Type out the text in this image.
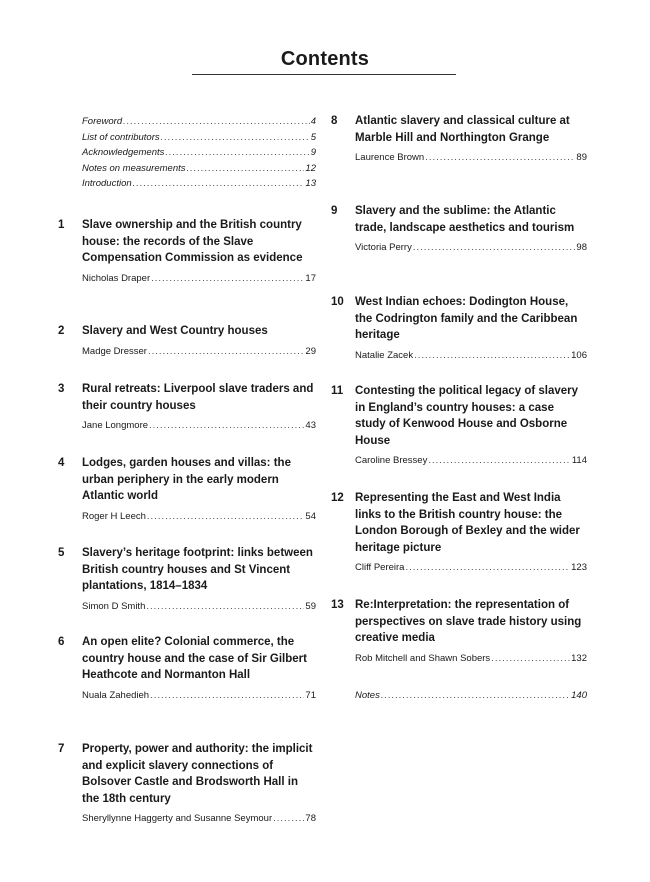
Contents
Foreword .....	4
List of contributors .....	5
Acknowledgements .....	9
Notes on measurements .....	12
Introduction .....	13
1 Slave ownership and the British country house: the records of the Slave Compensation Commission as evidence
Nicholas Draper .....	17
2 Slavery and West Country houses
Madge Dresser .....	29
3 Rural retreats: Liverpool slave traders and their country houses
Jane Longmore .....	43
4 Lodges, garden houses and villas: the urban periphery in the early modern Atlantic world
Roger H Leech .....	54
5 Slavery’s heritage footprint: links between British country houses and St Vincent plantations, 1814–1834
Simon D Smith .....	59
6 An open elite? Colonial commerce, the country house and the case of Sir Gilbert Heathcote and Normanton Hall
Nuala Zahedieh .....	71
7 Property, power and authority: the implicit and explicit slavery connections of Bolsover Castle and Brodsworth Hall in the 18th century
Sheryllynne Haggerty and Susanne Seymour .....	78
8 Atlantic slavery and classical culture at Marble Hill and Northington Grange
Laurence Brown .....	89
9 Slavery and the sublime: the Atlantic trade, landscape aesthetics and tourism
Victoria Perry .....	98
10 West Indian echoes: Dodington House, the Codrington family and the Caribbean heritage
Natalie Zacek .....	106
11 Contesting the political legacy of slavery in England’s country houses: a case study of Kenwood House and Osborne House
Caroline Bressey .....	114
12 Representing the East and West India links to the British country house: the London Borough of Bexley and the wider heritage picture
Cliff Pereira .....	123
13 Re:Interpretation: the representation of perspectives on slave trade history using creative media
Rob Mitchell and Shawn Sobers .....	132
Notes .....	140
